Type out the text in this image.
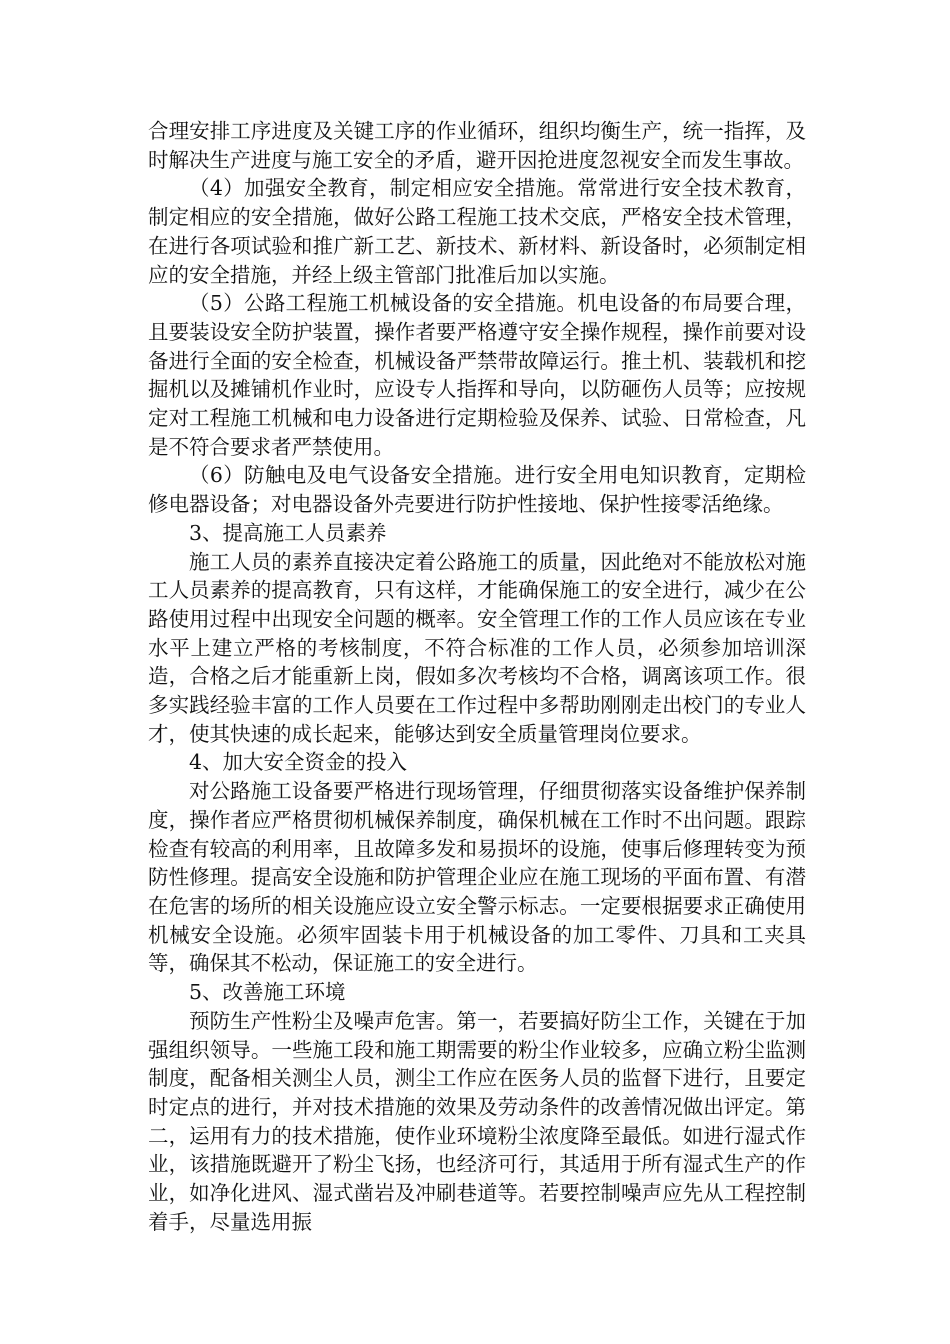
合理安排工序进度及关键工序的作业循环，组织均衡生产，统一指挥，及时解决生产进度与施工安全的矛盾，避开因抢进度忽视安全而发生事故。

（4）加强安全教育，制定相应安全措施。常常进行安全技术教育，制定相应的安全措施，做好公路工程施工技术交底，严格安全技术管理，在进行各项试验和推广新工艺、新技术、新材料、新设备时，必须制定相应的安全措施，并经上级主管部门批准后加以实施。

（5）公路工程施工机械设备的安全措施。机电设备的布局要合理，且要装设安全防护装置，操作者要严格遵守安全操作规程，操作前要对设备进行全面的安全检查，机械设备严禁带故障运行。推土机、装载机和挖掘机以及摊铺机作业时，应设专人指挥和导向，以防砸伤人员等；应按规定对工程施工机械和电力设备进行定期检验及保养、试验、日常检查，凡是不符合要求者严禁使用。

（6）防触电及电气设备安全措施。进行安全用电知识教育，定期检修电器设备；对电器设备外壳要进行防护性接地、保护性接零活绝缘。

3、提高施工人员素养

施工人员的素养直接决定着公路施工的质量，因此绝对不能放松对施工人员素养的提高教育，只有这样，才能确保施工的安全进行，减少在公路使用过程中出现安全问题的概率。安全管理工作的工作人员应该在专业水平上建立严格的考核制度，不符合标准的工作人员，必须参加培训深造，合格之后才能重新上岗，假如多次考核均不合格，调离该项工作。很多实践经验丰富的工作人员要在工作过程中多帮助刚刚走出校门的专业人才，使其快速的成长起来，能够达到安全质量管理岗位要求。

4、加大安全资金的投入

对公路施工设备要严格进行现场管理，仔细贯彻落实设备维护保养制度，操作者应严格贯彻机械保养制度，确保机械在工作时不出问题。跟踪检查有较高的利用率，且故障多发和易损坏的设施，使事后修理转变为预防性修理。提高安全设施和防护管理企业应在施工现场的平面布置、有潜在危害的场所的相关设施应设立安全警示标志。一定要根据要求正确使用机械安全设施。必须牢固装卡用于机械设备的加工零件、刀具和工夹具等，确保其不松动，保证施工的安全进行。

5、改善施工环境

预防生产性粉尘及噪声危害。第一，若要搞好防尘工作，关键在于加强组织领导。一些施工段和施工期需要的粉尘作业较多，应确立粉尘监测制度，配备相关测尘人员，测尘工作应在医务人员的监督下进行，且要定时定点的进行，并对技术措施的效果及劳动条件的改善情况做出评定。第二，运用有力的技术措施，使作业环境粉尘浓度降至最低。如进行湿式作业，该措施既避开了粉尘飞扬，也经济可行，其适用于所有湿式生产的作业，如净化进风、湿式凿岩及冲刷巷道等。若要控制噪声应先从工程控制着手，尽量选用振
